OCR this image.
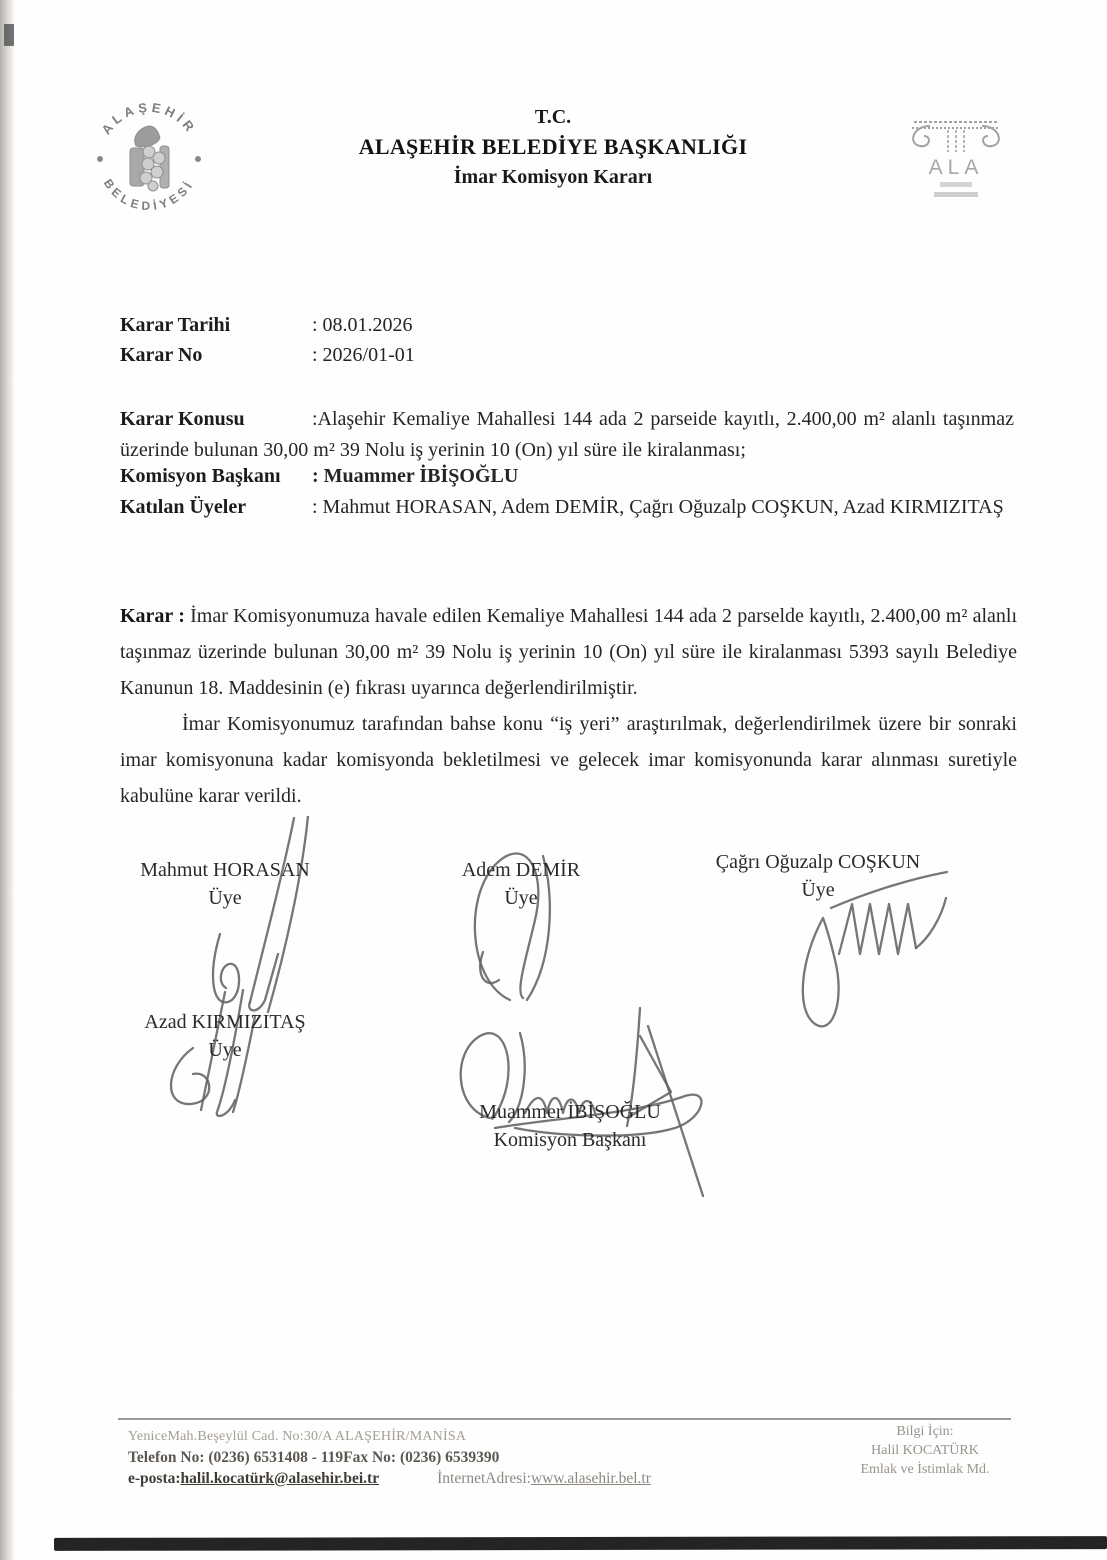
ALAŞEHİR
BELEDİYESİ
T.C.
ALAŞEHİR BELEDİYE BAŞKANLIĞI
İmar Komisyon Kararı	ALA
Karar Tarihi	: 08.01.2026
Karar No	: 2026/01-01

Karar Konusu	:Alaşehir Kemaliye Mahallesi 144 ada 2 parseide kayıtlı, 2.400,00 m² alanlı taşınmaz üzerinde bulunan 30,00 m² 39 Nolu iş yerinin 10 (On) yıl süre ile kiralanması;

Komisyon Başkanı : Muammer İBİŞOĞLU

Katılan Üyeler	: Mahmut HORASAN, Adem DEMİR, Çağrı Oğuzalp COŞKUN, Azad KIRMIZITAŞ

Karar : İmar Komisyonumuza havale edilen Kemaliye Mahallesi 144 ada 2 parselde kayıtlı, 2.400,00 m² alanlı taşınmaz üzerinde bulunan 30,00 m² 39 Nolu iş yerinin 10 (On) yıl süre ile kiralanması 5393 sayılı Belediye Kanunun 18. Maddesinin (e) fıkrası uyarınca değerlendirilmiştir.

İmar Komisyonumuz tarafından bahse konu “iş yeri” araştırılmak, değerlendirilmek üzere bir sonraki imar komisyonuna kadar komisyonda bekletilmesi ve gelecek imar komisyonunda karar alınması suretiyle kabulüne karar verildi.

Mahmut HORASAN
Üye
Adem DEMİR
Üye
Çağrı Oğuzalp COŞKUN
Üye
Azad KIRMIZITAŞ
Üye
Muammer İBİŞOĞLU
Komisyon Başkanı
YeniceMah.Beşeylül Cad. No:30/A ALAŞEHİR/MANİSA
Telefon No: (0236) 6531408 - 119Fax No: (0236) 6539390
e-posta:halil.kocatürk@alasehir.bei.tr	İnternetAdresi:www.alasehir.bel.tr
Bilgi İçin:
Halil KOCATÜRK
Emlak ve İstimlak Md.
